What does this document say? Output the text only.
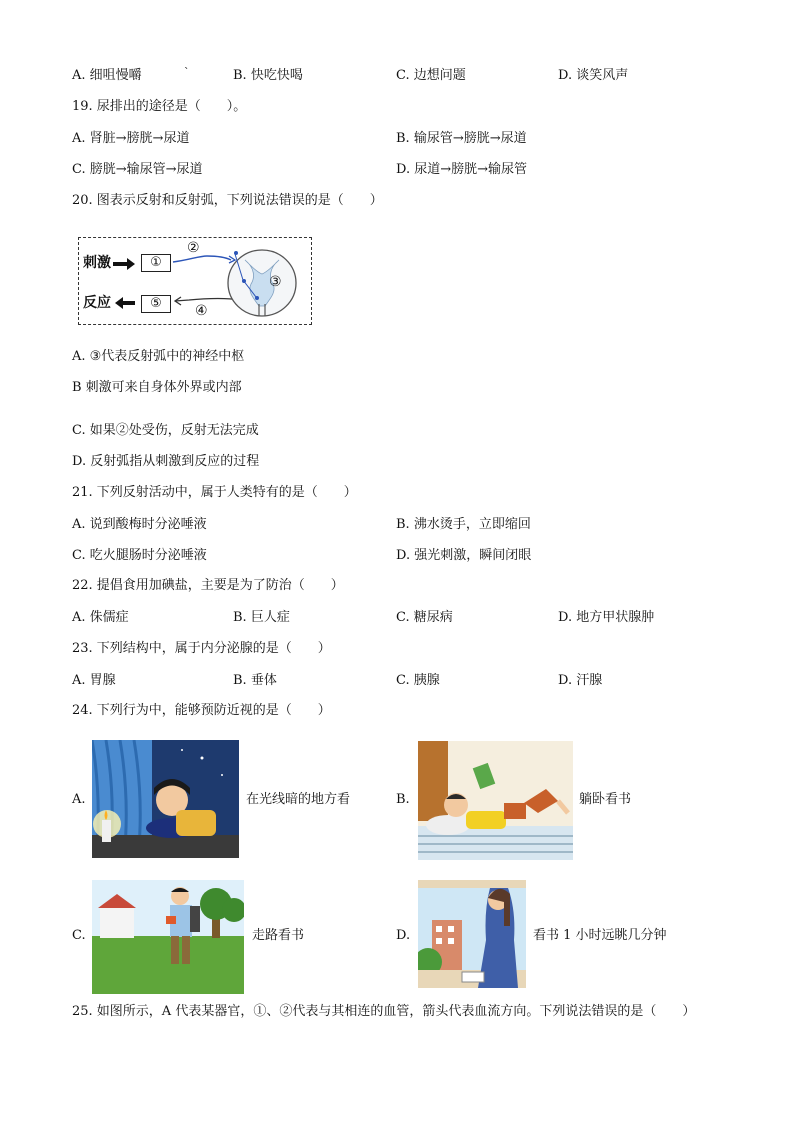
A. 细咀慢嚼	`	B. 快吃快喝	C. 边想问题	D. 谈笑风声
19. 尿排出的途径是（　　）。
A. 肾脏→膀胱→尿道	B. 输尿管→膀胱→尿道
C. 膀胱→输尿管→尿道	D. 尿道→膀胱→输尿管
20. 图表示反射和反射弧，下列说法错误的是（　　）
刺激
反应
①
⑤
②
③
④
A. ③代表反射弧中的神经中枢
B 刺激可来自身体外界或内部
C. 如果②处受伤，反射无法完成
D. 反射弧指从刺激到反应的过程
21. 下列反射活动中，属于人类特有的是（　　）
A. 说到酸梅时分泌唾液	B. 沸水烫手，立即缩回
C. 吃火腿肠时分泌唾液	D. 强光刺激，瞬间闭眼
22. 提倡食用加碘盐，主要是为了防治（　　）
A. 侏儒症	B. 巨人症	C. 糖尿病	D. 地方甲状腺肿
23. 下列结构中，属于内分泌腺的是（　　）
A. 胃腺	B. 垂体	C. 胰腺	D. 汗腺
24. 下列行为中，能够预防近视的是（　　）
A.	在光线暗的地方看	B.	躺卧看书
C.	走路看书	D.	看书 1 小时远眺几分钟
25. 如图所示，A 代表某器官，①、②代表与其相连的血管，箭头代表血流方向。下列说法错误的是（　　）
